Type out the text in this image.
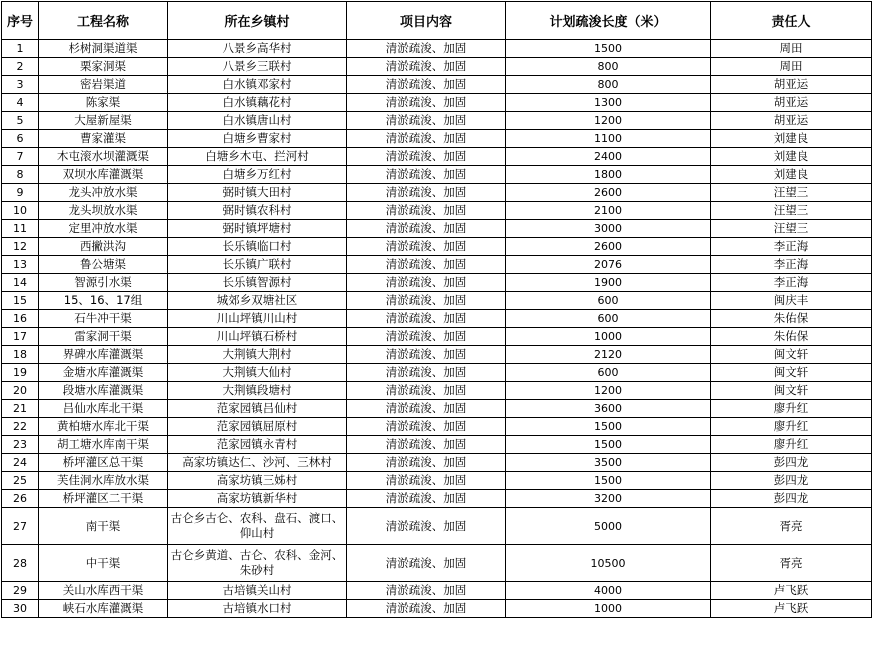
序号	工程名称	所在乡镇村	项目内容	计划疏浚长度（米）	责任人
1	杉树洞渠道渠	八景乡高华村	清淤疏浚、加固	1500	周田
2	栗家洞渠	八景乡三联村	清淤疏浚、加固	800	周田
3	密岩渠道	白水镇邓家村	清淤疏浚、加固	800	胡亚运
4	陈家渠	白水镇藕花村	清淤疏浚、加固	1300	胡亚运
5	大屋新屋渠	白水镇唐山村	清淤疏浚、加固	1200	胡亚运
6	曹家灌渠	白塘乡曹家村	清淤疏浚、加固	1100	刘建良
7	木屯滚水坝灌溉渠	白塘乡木屯、拦河村	清淤疏浚、加固	2400	刘建良
8	双坝水库灌溉渠	白塘乡万红村	清淤疏浚、加固	1800	刘建良
9	龙头冲放水渠	弼时镇大田村	清淤疏浚、加固	2600	汪望三
10	龙头坝放水渠	弼时镇农科村	清淤疏浚、加固	2100	汪望三
11	定里冲放水渠	弼时镇坪塘村	清淤疏浚、加固	3000	汪望三
12	西撇洪沟	长乐镇临口村	清淤疏浚、加固	2600	李正海
13	鲁公塘渠	长乐镇广联村	清淤疏浚、加固	2076	李正海
14	智源引水渠	长乐镇智源村	清淤疏浚、加固	1900	李正海
15	15、16、17组	城郊乡双塘社区	清淤疏浚、加固	600	闽庆丰
16	石牛冲干渠	川山坪镇川山村	清淤疏浚、加固	600	朱佑保
17	雷家洞干渠	川山坪镇石桥村	清淤疏浚、加固	1000	朱佑保
18	界碑水库灌溉渠	大荆镇大荆村	清淤疏浚、加固	2120	闽文轩
19	金塘水库灌溉渠	大荆镇大仙村	清淤疏浚、加固	600	闽文轩
20	段塘水库灌溉渠	大荆镇段塘村	清淤疏浚、加固	1200	闽文轩
21	吕仙水库北干渠	范家园镇吕仙村	清淤疏浚、加固	3600	廖升红
22	黄柏塘水库北干渠	范家园镇屈原村	清淤疏浚、加固	1500	廖升红
23	胡工塘水库南干渠	范家园镇永青村	清淤疏浚、加固	1500	廖升红
24	桥坪灌区总干渠	高家坊镇达仁、沙河、三林村	清淤疏浚、加固	3500	彭四龙
25	芙佳洞水库放水渠	高家坊镇三姊村	清淤疏浚、加固	1500	彭四龙
26	桥坪灌区二干渠	高家坊镇新华村	清淤疏浚、加固	3200	彭四龙
27	南干渠	古仑乡古仑、农科、盘石、渡口、仰山村	清淤疏浚、加固	5000	胥亮
28	中干渠	古仑乡黄道、古仑、农科、金河、朱砂村	清淤疏浚、加固	10500	胥亮
29	关山水库西干渠	古培镇关山村	清淤疏浚、加固	4000	卢飞跃
30	峡石水库灌溉渠	古培镇水口村	清淤疏浚、加固	1000	卢飞跃
